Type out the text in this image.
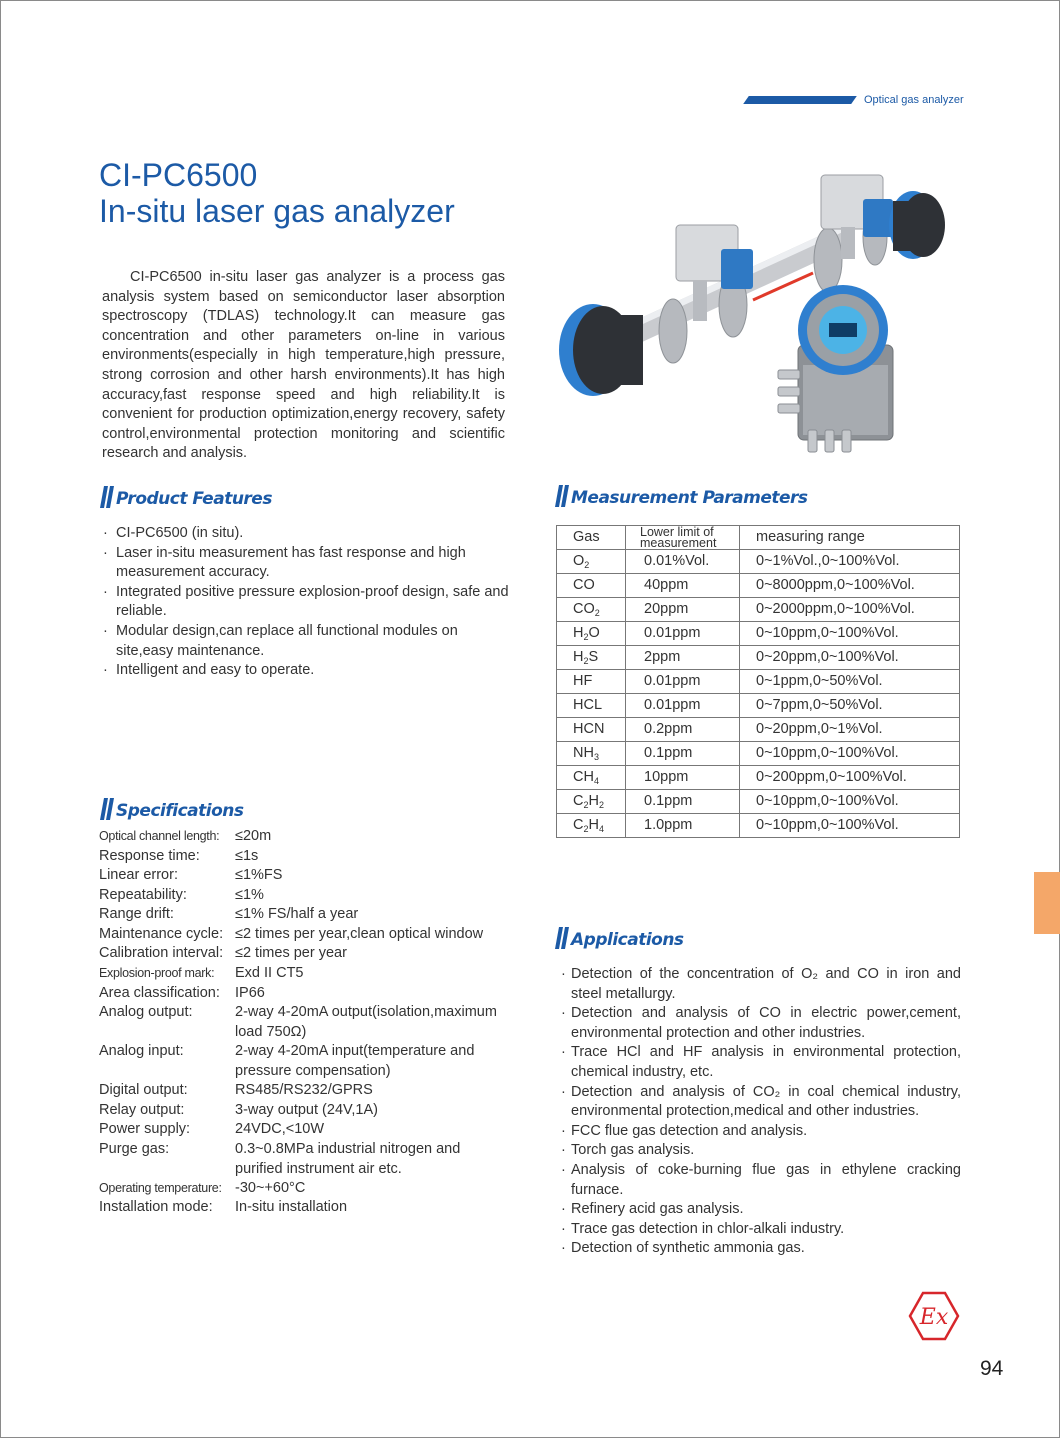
Optical gas analyzer
CI-PC6500
In-situ laser gas analyzer

CI-PC6500 in-situ laser gas analyzer is a process gas analysis system based on semiconductor laser absorption spectroscopy (TDLAS) technology.It can measure gas concentration and other parameters on-line in various environments(especially in high temperature,high pressure, strong corrosion and other harsh environments).It has high accuracy,fast response speed and high reliability.It is convenient for production optimization,energy recovery, safety control,environmental protection monitoring and scientific research and analysis.

Product Features
· CI-PC6500 (in situ).
· Laser in-situ measurement has fast response and high measurement accuracy.
· Integrated positive pressure explosion-proof design, safe and reliable.
· Modular design,can replace all functional modules on site,easy maintenance.
· Intelligent and easy to operate.
Specifications
Optical channel length: ≤20m
Response time: ≤1s
Linear error:	≤1%FS
Repeatability:	≤1%
Range drift:	≤1% FS/half a year
Maintenance cycle: ≤2 times per year,clean optical window
Calibration interval: ≤2 times per year
Explosion-proof mark: Exd II CT5
Area classification: IP66
Analog output:	2-way 4-20mA output(isolation,maximum load 750Ω)
Analog input:	2-way 4-20mA input(temperature and pressure compensation)
Digital output:	RS485/RS232/GPRS
Relay output:	3-way output (24V,1A)
Power supply:	24VDC,<10W
Purge gas:	0.3~0.8MPa industrial nitrogen and purified instrument air etc.
Operating temperature: -30~+60°C
Installation mode: In-situ installation
Measurement Parameters
Gas	Lower limit of measurement	measuring range
$O_2$	0.01%Vol.	0~1%Vol.,0~100%Vol.
CO	40ppm	0~8000ppm,0~100%Vol.
$CO_2$	20ppm	0~2000ppm,0~100%Vol.
$H_2O$	0.01ppm	0~10ppm,0~100%Vol.
$H_2S$	2ppm	0~20ppm,0~100%Vol.
HF	0.01ppm	0~1ppm,0~50%Vol.
HCL	0.01ppm	0~7ppm,0~50%Vol.
HCN	0.2ppm	0~20ppm,0~1%Vol.
$NH_3$	0.1ppm	0~10ppm,0~100%Vol.
$CH_4$	10ppm	0~200ppm,0~100%Vol.
$C_2H_2$	0.1ppm	0~10ppm,0~100%Vol.
$C_2H_4$	1.0ppm	0~10ppm,0~100%Vol.
Applications
· Detection of the concentration of O₂ and CO in iron and steel metallurgy.
· Detection and analysis of CO in electric power,cement, environmental protection and other industries.
· Trace HCl and HF analysis in environmental protection, chemical industry, etc.
· Detection and analysis of CO₂ in coal chemical industry, environmental protection,medical and other industries.
· FCC flue gas detection and analysis.
· Torch gas analysis.
· Analysis of coke-burning flue gas in ethylene cracking furnace.
· Refinery acid gas analysis.
· Trace gas detection in chlor-alkali industry.
· Detection of synthetic ammonia gas.
Ex
94
